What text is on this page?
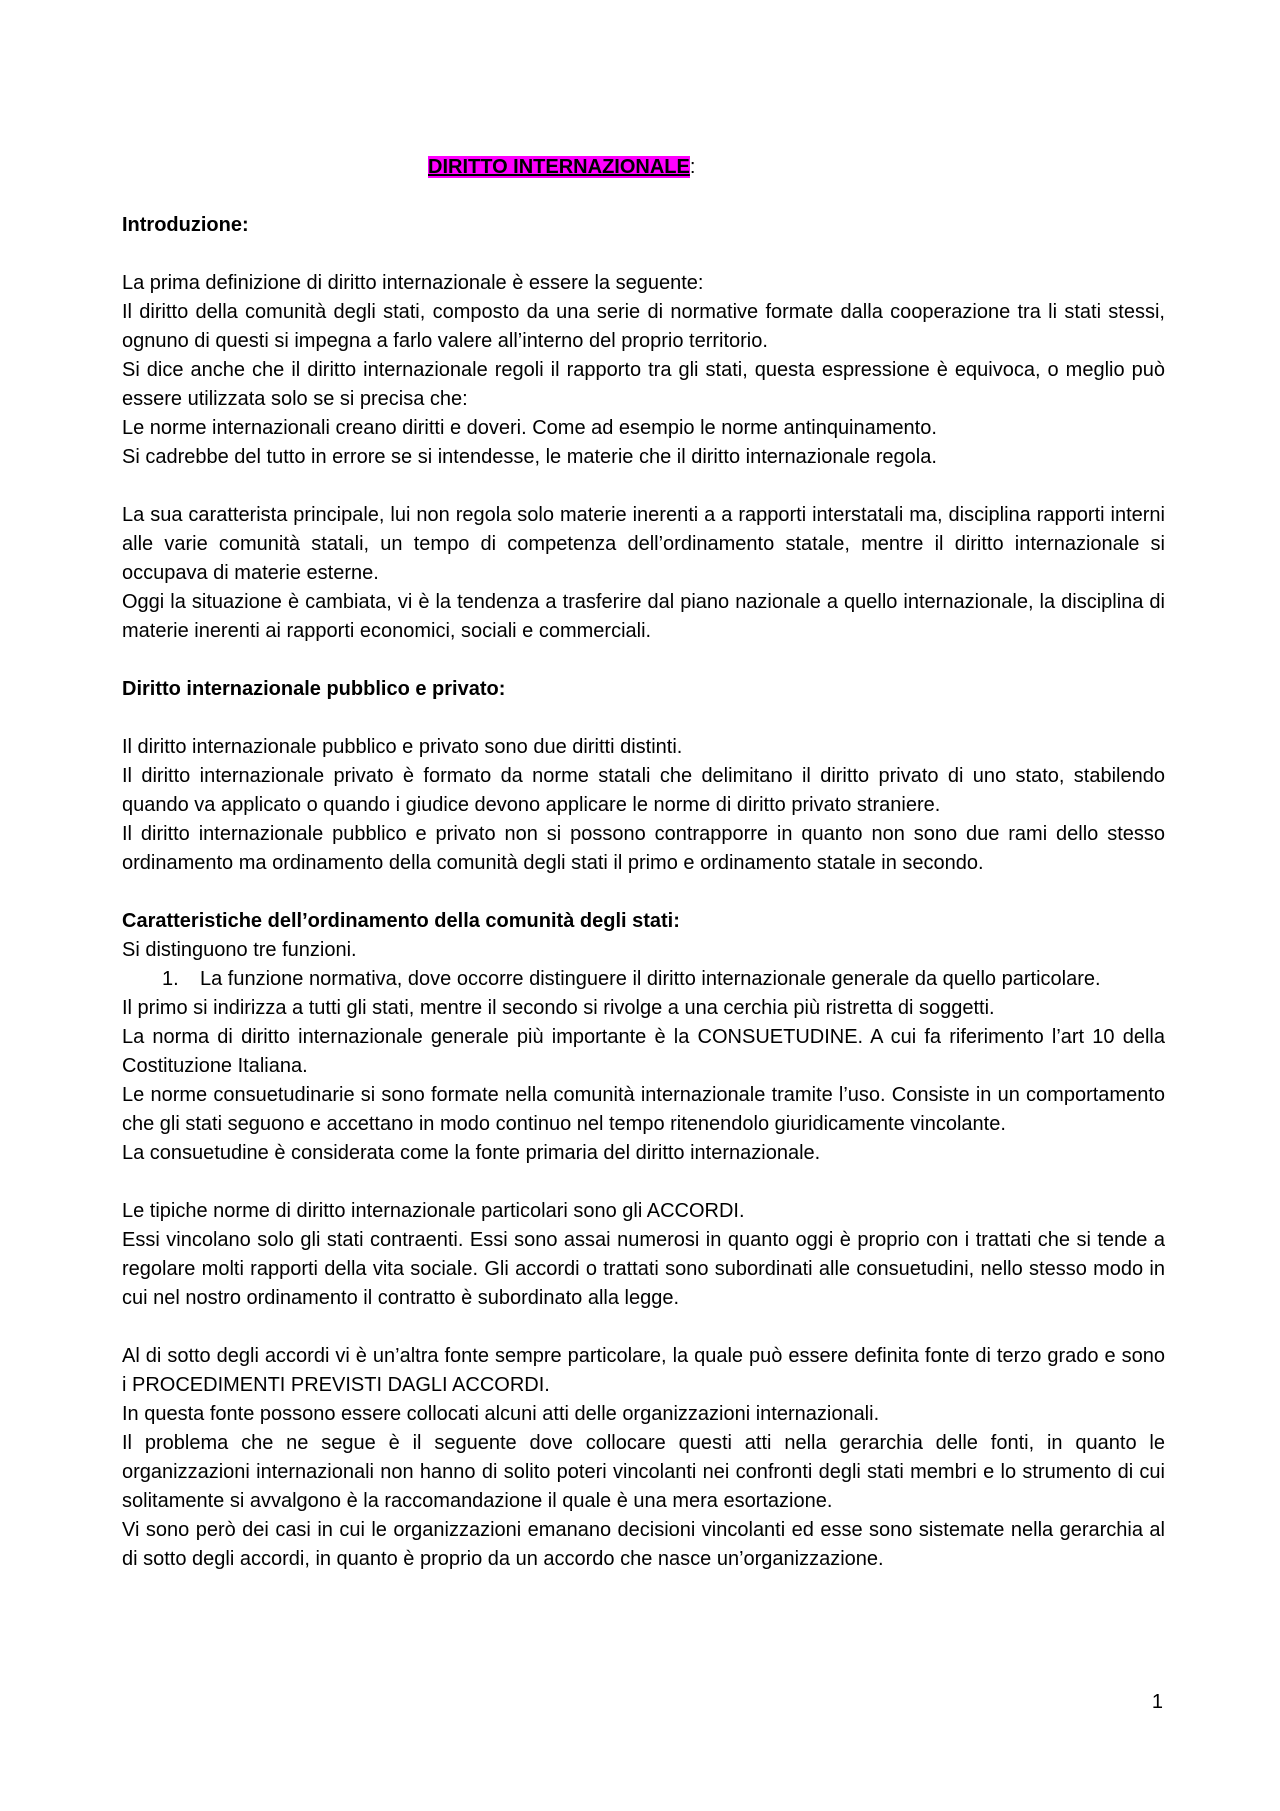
DIRITTO INTERNAZIONALE:

Introduzione:

La prima definizione di diritto internazionale è essere la seguente:

Il diritto della comunità degli stati, composto da una serie di normative formate dalla cooperazione tra li stati stessi, ognuno di questi si impegna a farlo valere all’interno del proprio territorio.

Si dice anche che il diritto internazionale regoli il rapporto tra gli stati, questa espressione è equivoca, o meglio può essere utilizzata solo se si precisa che:

Le norme internazionali creano diritti e doveri. Come ad esempio le norme antinquinamento.

Si cadrebbe del tutto in errore se si intendesse, le materie che il diritto internazionale regola.

La sua caratterista principale, lui non regola solo materie inerenti a a rapporti interstatali ma, disciplina rapporti interni alle varie comunità statali, un tempo di competenza dell’ordinamento statale, mentre il diritto internazionale si occupava di materie esterne.

Oggi la situazione è cambiata, vi è la tendenza a trasferire dal piano nazionale a quello internazionale, la disciplina di materie inerenti ai rapporti economici, sociali e commerciali.

Diritto internazionale pubblico e privato:

Il diritto internazionale pubblico e privato sono due diritti distinti.

Il diritto internazionale privato è formato da norme statali che delimitano il diritto privato di uno stato, stabilendo quando va applicato o quando i giudice devono applicare le norme di diritto privato straniere.

Il diritto internazionale pubblico e privato non si possono contrapporre in quanto non sono due rami dello stesso ordinamento ma ordinamento della comunità degli stati il primo e ordinamento statale in secondo.

Caratteristiche dell’ordinamento della comunità degli stati:

Si distinguono tre funzioni.

1. La funzione normativa, dove occorre distinguere il diritto internazionale generale da quello particolare.

Il primo si indirizza a tutti gli stati, mentre il secondo si rivolge a una cerchia più ristretta di soggetti.

La norma di diritto internazionale generale più importante è la CONSUETUDINE. A cui fa riferimento l’art 10 della Costituzione Italiana.

Le norme consuetudinarie si sono formate nella comunità internazionale tramite l’uso. Consiste in un comportamento che gli stati seguono e accettano in modo continuo nel tempo ritenendolo giuridicamente vincolante.

La consuetudine è considerata come la fonte primaria del diritto internazionale.

Le tipiche norme di diritto internazionale particolari sono gli ACCORDI.

Essi vincolano solo gli stati contraenti. Essi sono assai numerosi in quanto oggi è proprio con i trattati che si tende a regolare molti rapporti della vita sociale. Gli accordi o trattati sono subordinati alle consuetudini, nello stesso modo in cui nel nostro ordinamento il contratto è subordinato alla legge.

Al di sotto degli accordi vi è un’altra fonte sempre particolare, la quale può essere definita fonte di terzo grado e sono i PROCEDIMENTI PREVISTI DAGLI ACCORDI.

In questa fonte possono essere collocati alcuni atti delle organizzazioni internazionali.

Il problema che ne segue è il seguente dove collocare questi atti nella gerarchia delle fonti, in quanto le organizzazioni internazionali non hanno di solito poteri vincolanti nei confronti degli stati membri e lo strumento di cui solitamente si avvalgono è la raccomandazione il quale è una mera esortazione.

Vi sono però dei casi in cui le organizzazioni emanano decisioni vincolanti ed esse sono sistemate nella gerarchia al di sotto degli accordi, in quanto è proprio da un accordo che nasce un’organizzazione.

1
